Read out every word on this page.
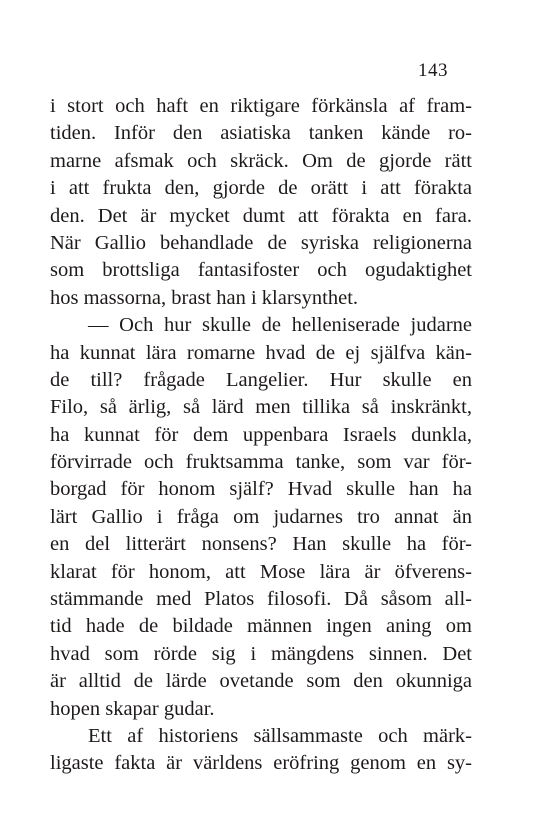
143
i stort och haft en riktigare förkänsla af fram-
tiden. Inför den asiatiska tanken kände ro-
marne afsmak och skräck. Om de gjorde rätt
i att frukta den, gjorde de orätt i att förakta
den. Det är mycket dumt att förakta en fara.
När Gallio behandlade de syriska religionerna
som brottsliga fantasifoster och ogudaktighet
hos massorna, brast han i klarsynthet.
— Och hur skulle de helleniserade judarne
ha kunnat lära romarne hvad de ej själfva kän-
de till? frågade Langelier. Hur skulle en
Filo, så ärlig, så lärd men tillika så inskränkt,
ha kunnat för dem uppenbara Israels dunkla,
förvirrade och fruktsamma tanke, som var för-
borgad för honom själf? Hvad skulle han ha
lärt Gallio i fråga om judarnes tro annat än
en del litterärt nonsens? Han skulle ha för-
klarat för honom, att Mose lära är öfverens-
stämmande med Platos filosofi. Då såsom all-
tid hade de bildade männen ingen aning om
hvad som rörde sig i mängdens sinnen. Det
är alltid de lärde ovetande som den okunniga
hopen skapar gudar.
Ett af historiens sällsammaste och märk-
ligaste fakta är världens eröfring genom en sy-
